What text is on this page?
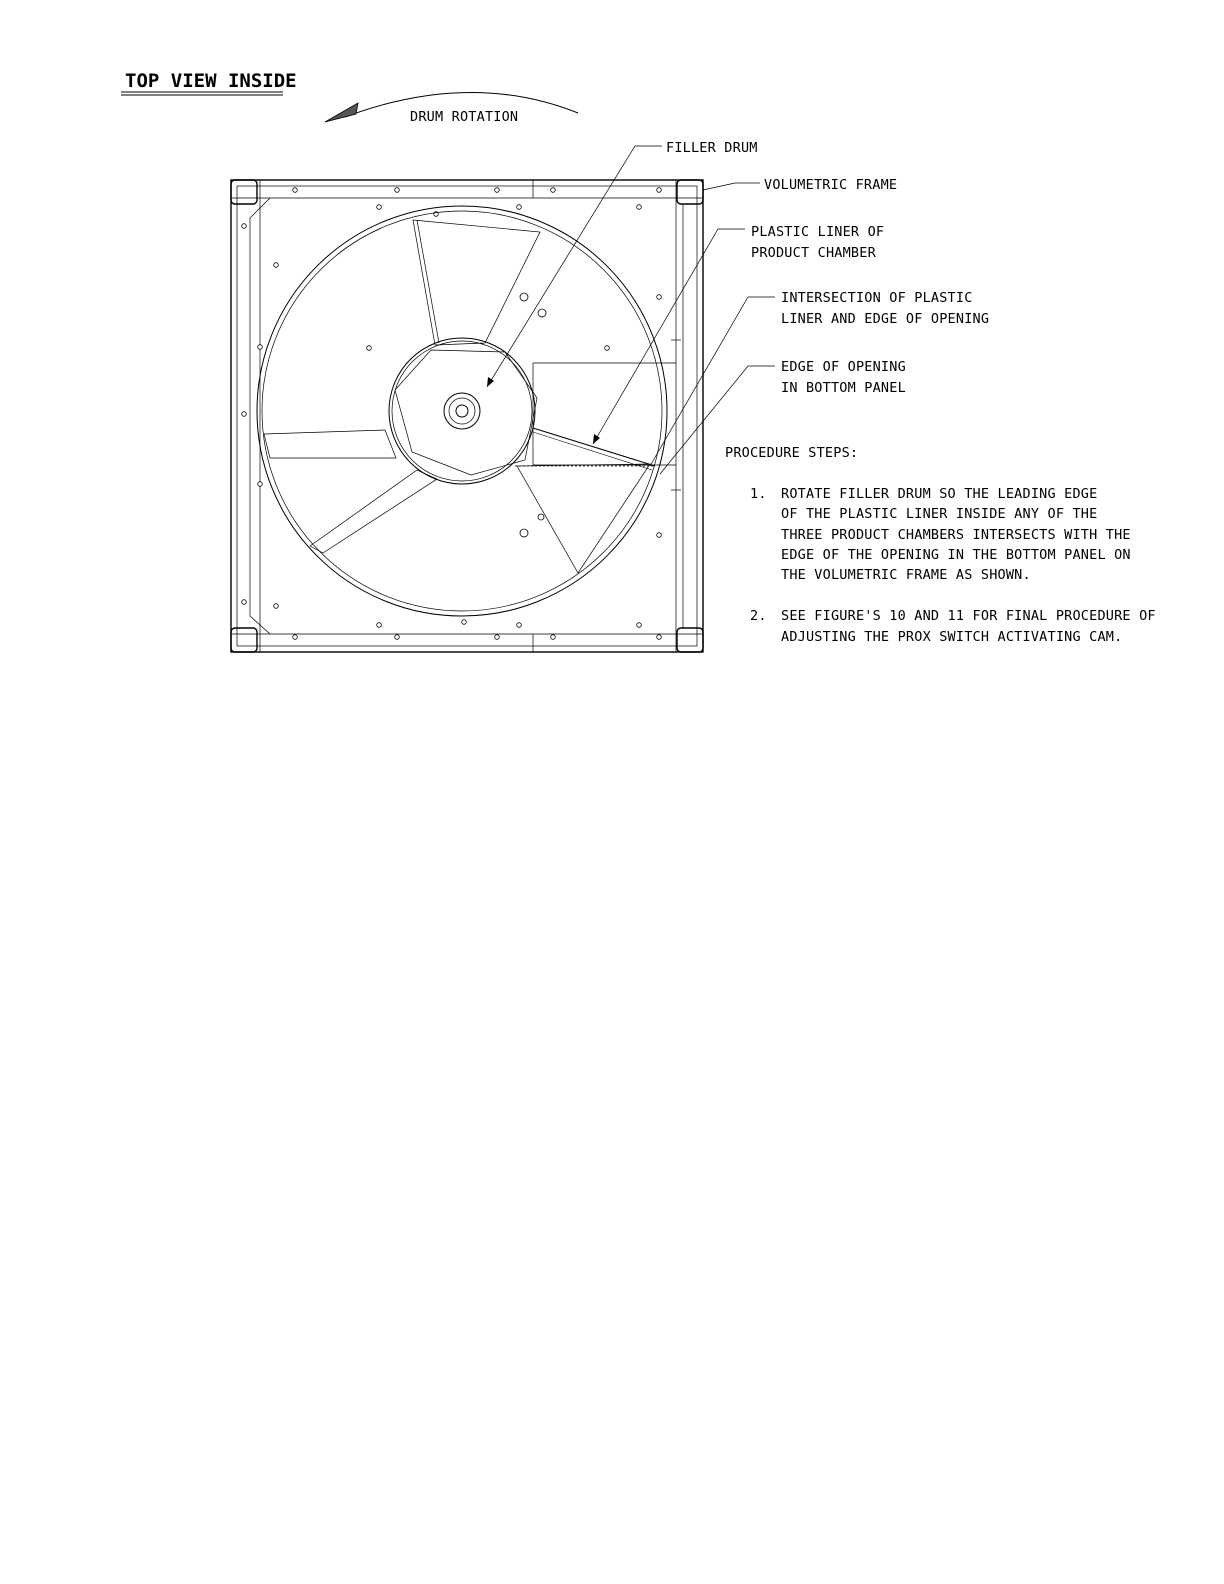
TOP VIEW INSIDE
DRUM ROTATION
FILLER DRUM
VOLUMETRIC FRAME
PLASTIC LINER OF
PRODUCT CHAMBER
INTERSECTION OF PLASTIC
LINER AND EDGE OF OPENING
EDGE OF OPENING
IN BOTTOM PANEL
PROCEDURE STEPS:
1. ROTATE FILLER DRUM SO THE LEADING EDGE
OF THE PLASTIC LINER INSIDE ANY OF THE
THREE PRODUCT CHAMBERS INTERSECTS WITH THE
EDGE OF THE OPENING IN THE BOTTOM PANEL ON
THE VOLUMETRIC FRAME AS SHOWN.
2. SEE FIGURE'S 10 AND 11 FOR FINAL PROCEDURE OF
ADJUSTING THE PROX SWITCH ACTIVATING CAM.
